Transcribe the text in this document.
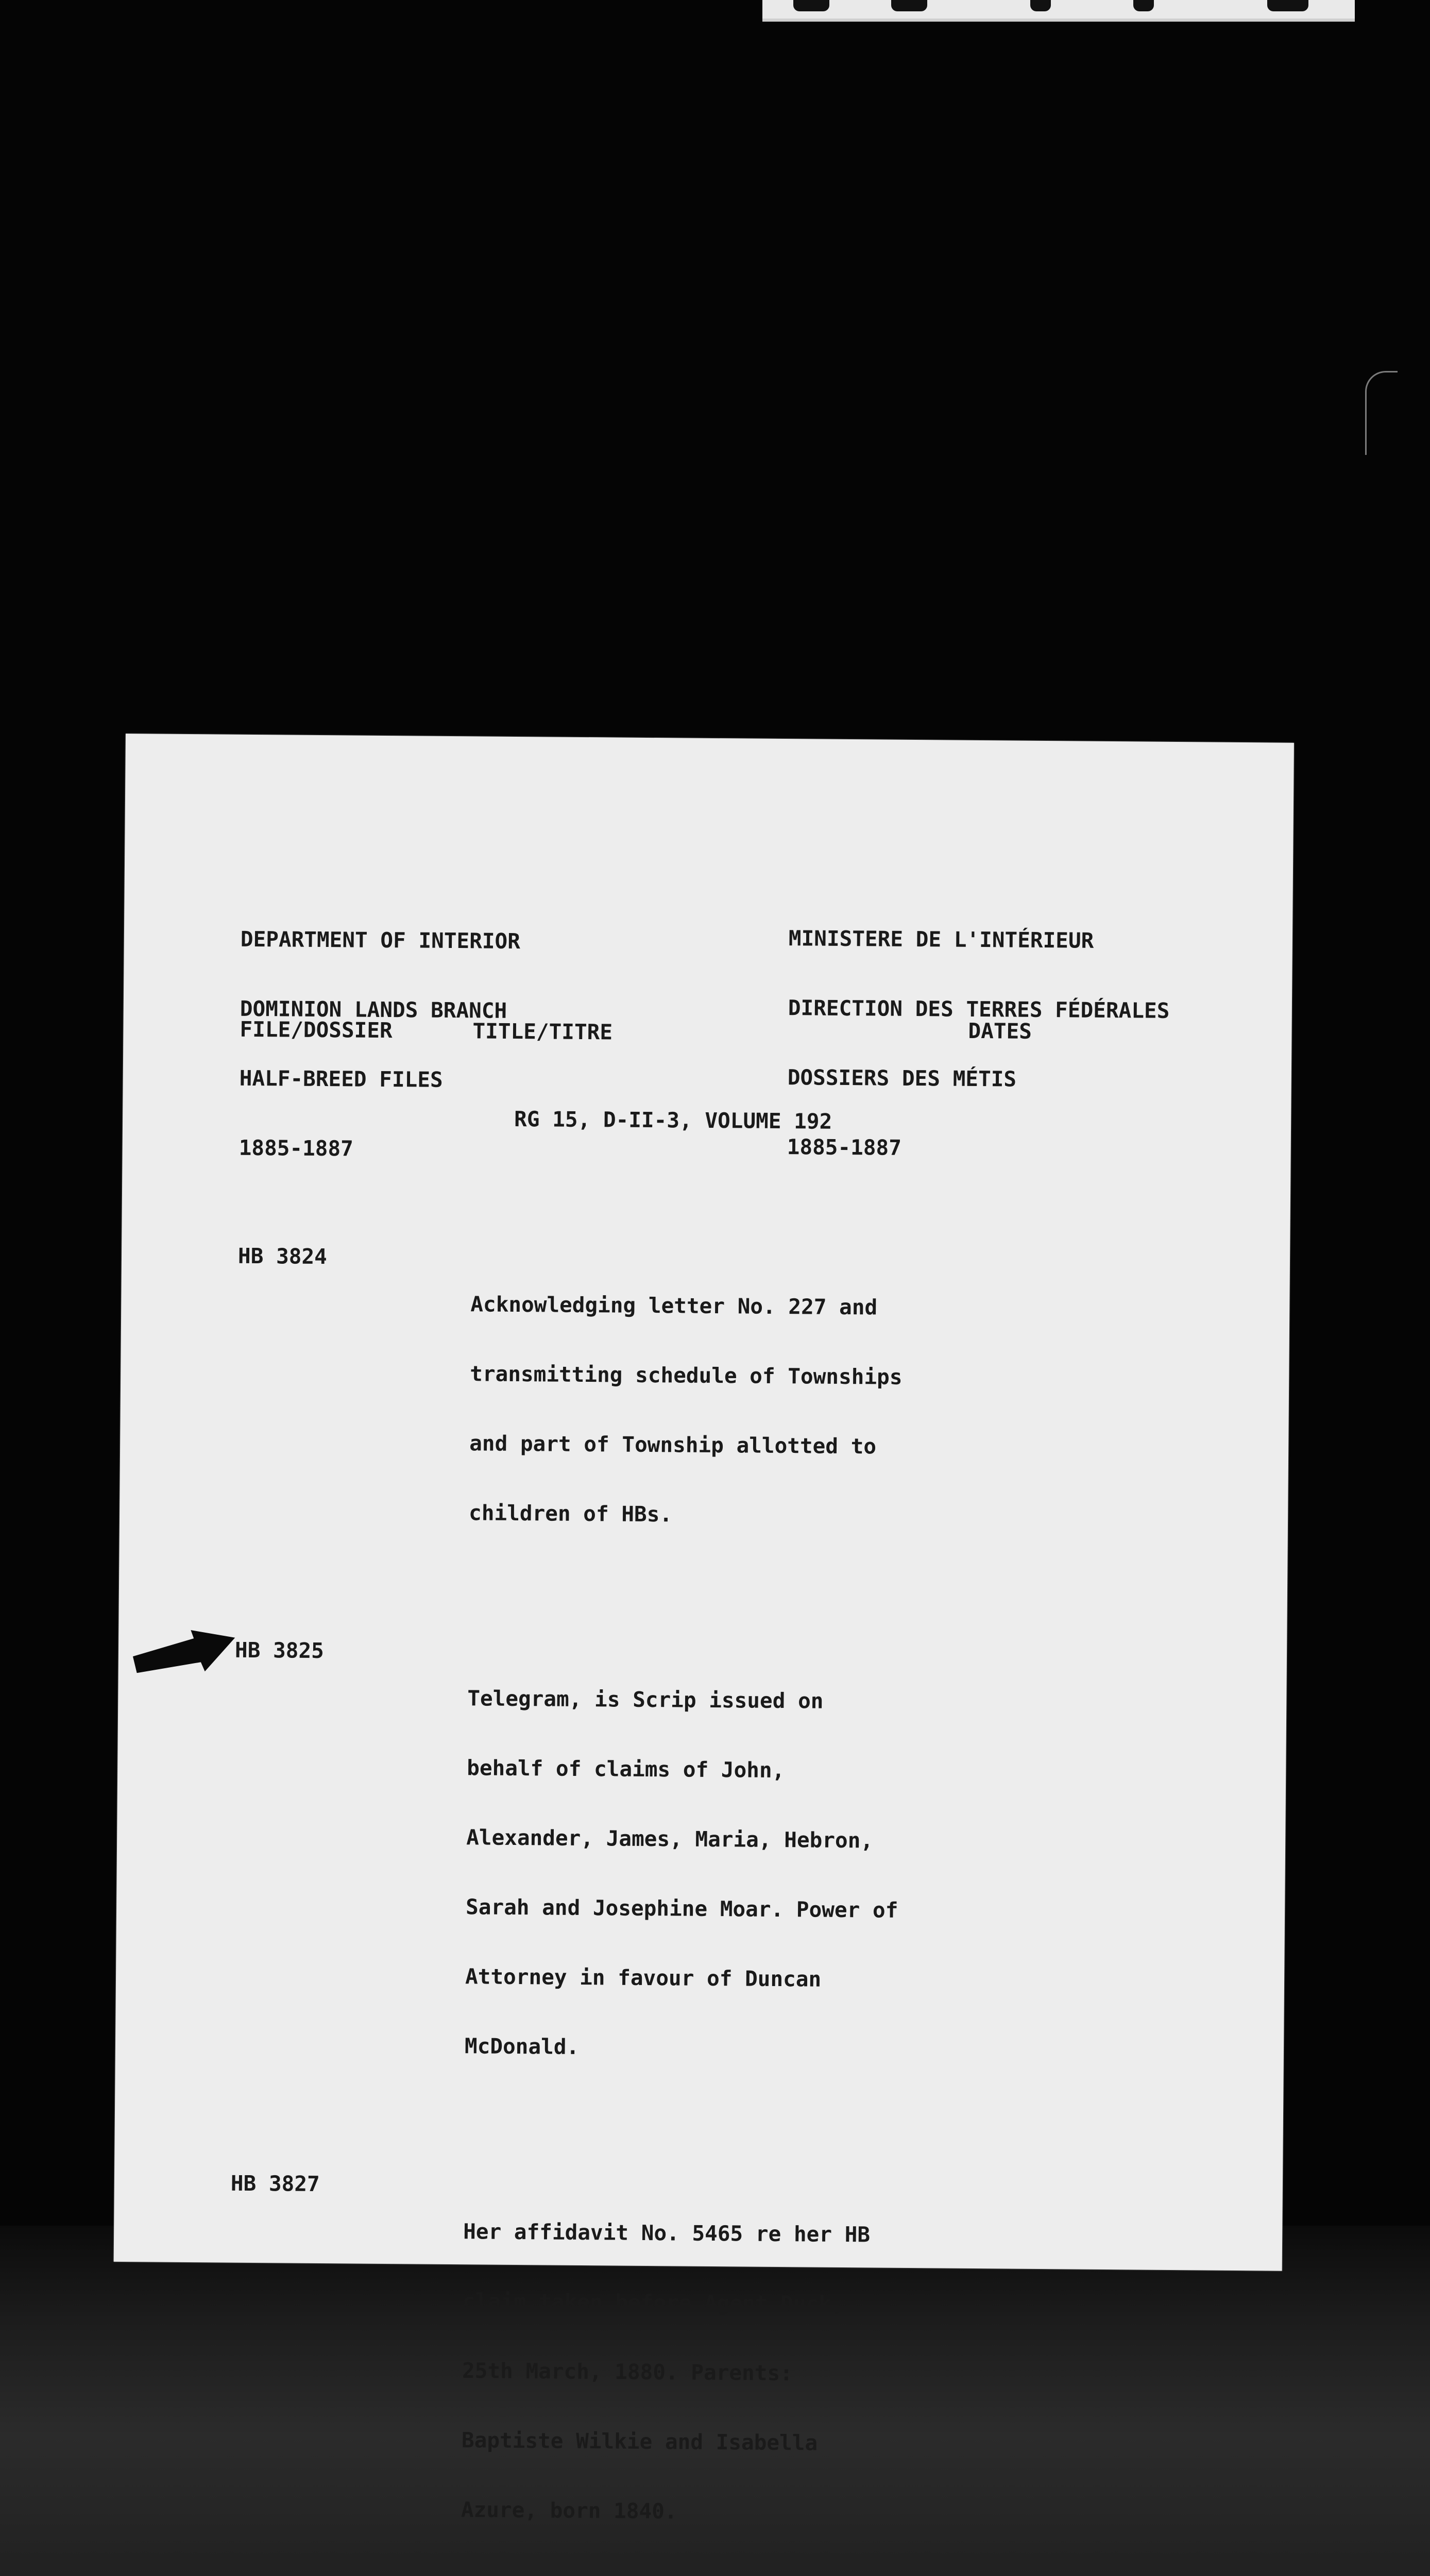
DEPARTMENT OF INTERIOR

DOMINION LANDS BRANCH

HALF-BREED FILES

1885-1887

MINISTERE DE L'INTÉRIEUR

DIRECTION DES TERRES FÉDÉRALES

DOSSIERS DES MÉTIS

1885-1887

FILE/DOSSIER	TITLE/TITRE	DATES
RG 15, D-II-3, VOLUME 192

HB 3824

Acknowledging letter No. 227 and

transmitting schedule of Townships

and part of Township allotted to

children of HBs.

HB 3825

Telegram, is Scrip issued on

behalf of claims of John,

Alexander, James, Maria, Hebron,

Sarah and Josephine Moar. Power of

Attorney in favour of Duncan

McDonald.

HB 3827

Her affidavit No. 5465 re her HB

claim taken before Agent Duck,

25th March, 1880. Parents:

Baptiste Wilkie and Isabella

Azure, born 1840.
